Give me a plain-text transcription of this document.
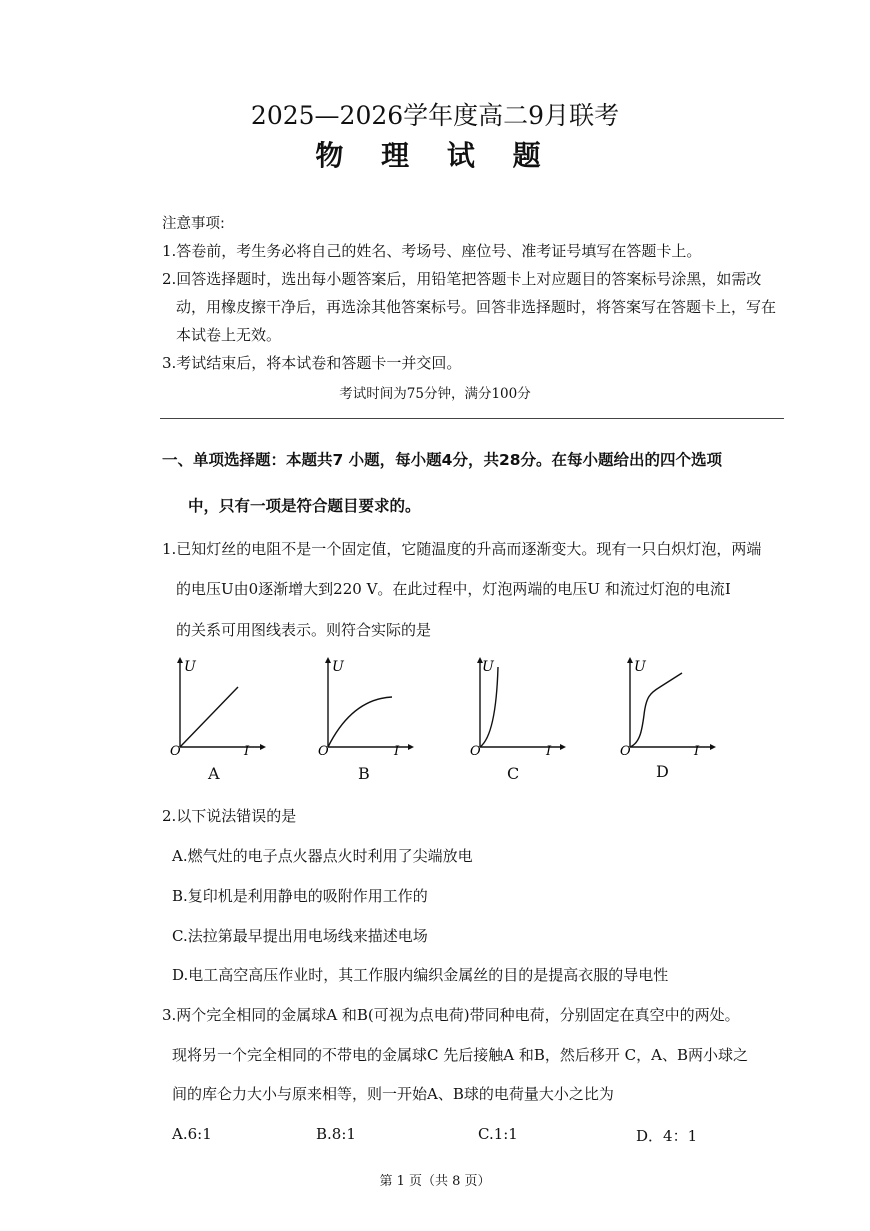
2025—2026学年度高二9月联考
物 理 试 题
注意事项:
1.答卷前，考生务必将自己的姓名、考场号、座位号、准考证号填写在答题卡上。
2.回答选择题时，选出每小题答案后，用铅笔把答题卡上对应题目的答案标号涂黑，如需改
动，用橡皮擦干净后，再选涂其他答案标号。回答非选择题时，将答案写在答题卡上，写在
本试卷上无效。
3.考试结束后，将本试卷和答题卡一并交回。
考试时间为75分钟，满分100分
一、单项选择题：本题共7 小题，每小题4分，共28分。在每小题给出的四个选项
中，只有一项是符合题目要求的。
1.已知灯丝的电阻不是一个固定值，它随温度的升高而逐渐变大。现有一只白炽灯泡，两端
的电压U由0逐渐增大到220 V。在此过程中，灯泡两端的电压U 和流过灯泡的电流I
的关系可用图线表示。则符合实际的是
U
O	I
A
U
O	I
B
U
O	I
C
U
O	I
D
2.以下说法错误的是
A.燃气灶的电子点火器点火时利用了尖端放电
B.复印机是利用静电的吸附作用工作的
C.法拉第最早提出用电场线来描述电场
D.电工高空高压作业时，其工作服内编织金属丝的目的是提高衣服的导电性
3.两个完全相同的金属球A 和B(可视为点电荷)带同种电荷，分别固定在真空中的两处。
现将另一个完全相同的不带电的金属球C 先后接触A 和B，然后移开 C，A、B两小球之
间的库仑力大小与原来相等，则一开始A、B球的电荷量大小之比为
A.6:1	B.8:1	C.1:1	D．4：1
第 1 页（共 8 页）
